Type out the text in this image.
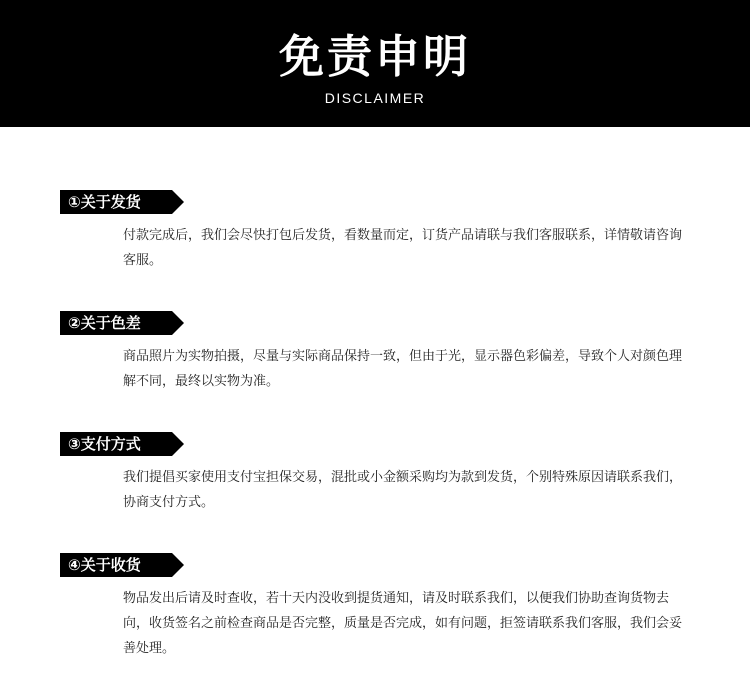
免责申明
DISCLAIMER
①关于发货
付款完成后，我们会尽快打包后发货，看数量而定，订货产品请联与我们客服联系，详情敬请咨询客服。
②关于色差
商品照片为实物拍摄，尽量与实际商品保持一致，但由于光，显示器色彩偏差，导致个人对颜色理解不同，最终以实物为准。
③支付方式
我们提倡买家使用支付宝担保交易，混批或小金额采购均为款到发货，个别特殊原因请联系我们，协商支付方式。
④关于收货
物品发出后请及时查收，若十天内没收到提货通知，请及时联系我们，以便我们协助查询货物去向，收货签名之前检查商品是否完整，质量是否完成，如有问题，拒签请联系我们客服，我们会妥善处理。
